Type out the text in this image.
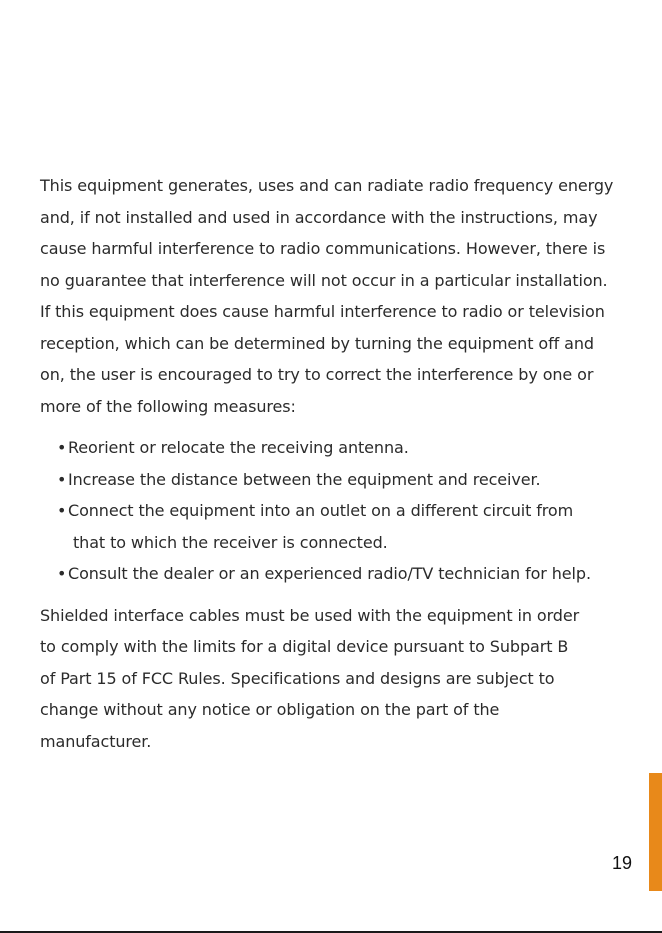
This equipment generates, uses and can radiate radio frequency energy
and, if not installed and used in accordance with the instructions, may
cause harmful interference to radio communications. However, there is
no guarantee that interference will not occur in a particular installation.
If this equipment does cause harmful interference to radio or television
reception, which can be determined by turning the equipment off and
on, the user is encouraged to try to correct the interference by one or
more of the following measures:

• Reorient or relocate the receiving antenna.
• Increase the distance between the equipment and receiver.
• Connect the equipment into an outlet on a different circuit from
that to which the receiver is connected.
• Consult the dealer or an experienced radio/TV technician for help.

Shielded interface cables must be used with the equipment in order
to comply with the limits for a digital device pursuant to Subpart B
of Part 15 of FCC Rules. Specifications and designs are subject to
change without any notice or obligation on the part of the
manufacturer.

19
